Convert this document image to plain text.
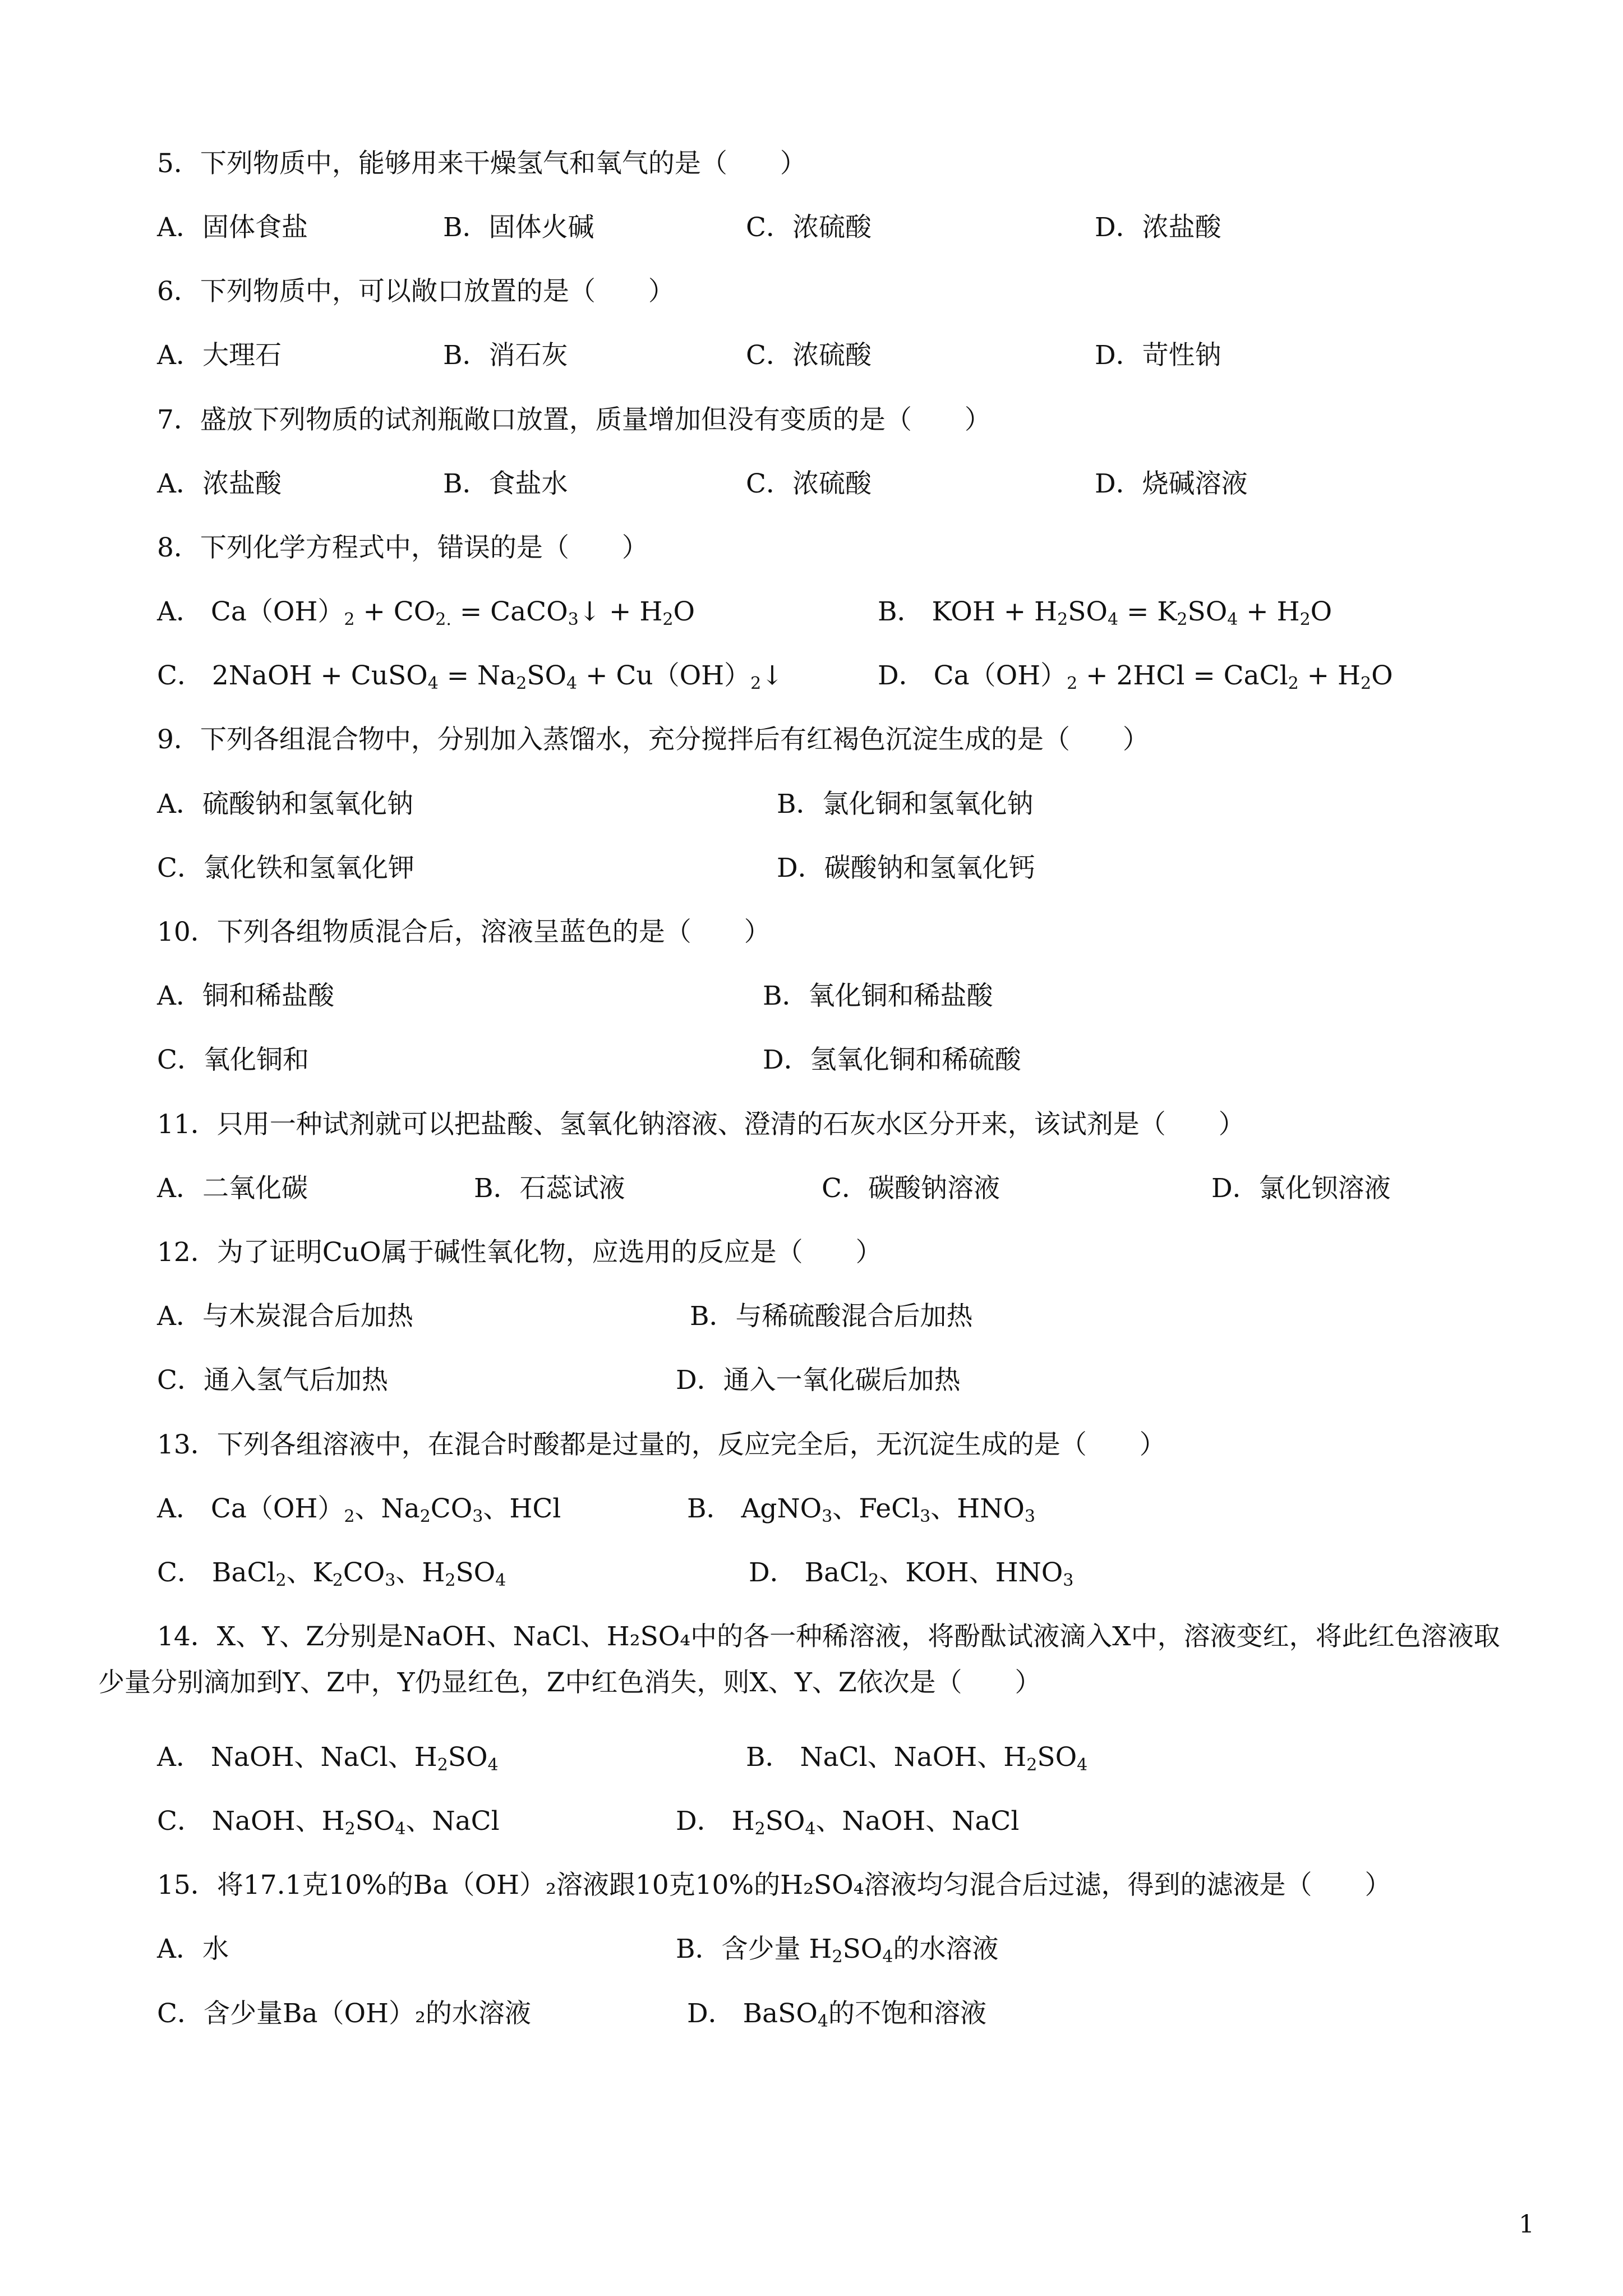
5．下列物质中，能够用来干燥氢气和氧气的是（　　）
A．固体食盐	B．固体火碱	C．浓硫酸	D．浓盐酸
6．下列物质中，可以敞口放置的是（　　）
A．大理石	B．消石灰	C．浓硫酸	D．苛性钠
7．盛放下列物质的试剂瓶敞口放置，质量增加但没有变质的是（　　）
A．浓盐酸	B．食盐水	C．浓硫酸	D．烧碱溶液
8．下列化学方程式中，错误的是（　　）
A． $Ca(OH)_2 + CO_{2.}$ = CaCO$_3$↓ + $H_2O$	B． KOH + $H_2SO_4 = K_2SO_4 + H_2O$
C． 2NaOH + CuSO$_4$ = $Na_2SO_4$ + $Cu(OH)_2↓$	D． $Ca(OH)_2 + 2HCl$ = CaCl$_2$ + $H_2O$
9．下列各组混合物中，分别加入蒸馏水，充分搅拌后有红褐色沉淀生成的是（　　）
A．硫酸钠和氢氧化钠	B．氯化铜和氢氧化钠
C．氯化铁和氢氧化钾	D．碳酸钠和氢氧化钙
10．下列各组物质混合后，溶液呈蓝色的是（　　）
A．铜和稀盐酸	B．氧化铜和稀盐酸
C．氧化铜和	D．氢氧化铜和稀硫酸
11．只用一种试剂就可以把盐酸、氢氧化钠溶液、澄清的石灰水区分开来，该试剂是（　　）
A．二氧化碳	B．石蕊试液	C．碳酸钠溶液	D．氯化钡溶液
12．为了证明CuO属于碱性氧化物，应选用的反应是（　　）
A．与木炭混合后加热	B．与稀硫酸混合后加热
C．通入氢气后加热	D．通入一氧化碳后加热
13．下列各组溶液中，在混合时酸都是过量的，反应完全后，无沉淀生成的是（　　）
A． $Ca(OH)_2$、$Na_2CO_3$、HCl	B． AgNO$_3$、FeCl$_3$、$HNO_3$
C． BaCl$_2$、$K_2CO_3$、$H_2SO_4$	D． BaCl$_2$、KOH、$HNO_3$
14．X、Y、Z分别是NaOH、NaCl、H₂SO₄中的各一种稀溶液，将酚酞试液滴入X中，溶液变红，将此红色溶液取
少量分别滴加到Y、Z中，Y仍显红色，Z中红色消失，则X、Y、Z依次是（　　）
A． NaOH、NaCl、$H_2SO_4$	B． NaCl、NaOH、$H_2SO_4$
C． NaOH、$H_2SO_4$、NaCl	D． $H_2SO_4$、NaOH、NaCl
15．将17.1克10%的Ba（OH）₂溶液跟10克10%的H₂SO₄溶液均匀混合后过滤，得到的滤液是（　　）
A．水	B．含少量 $H_2SO_4$的水溶液
C．含少量Ba（OH）₂的水溶液	D． BaSO$_4$的不饱和溶液
1
